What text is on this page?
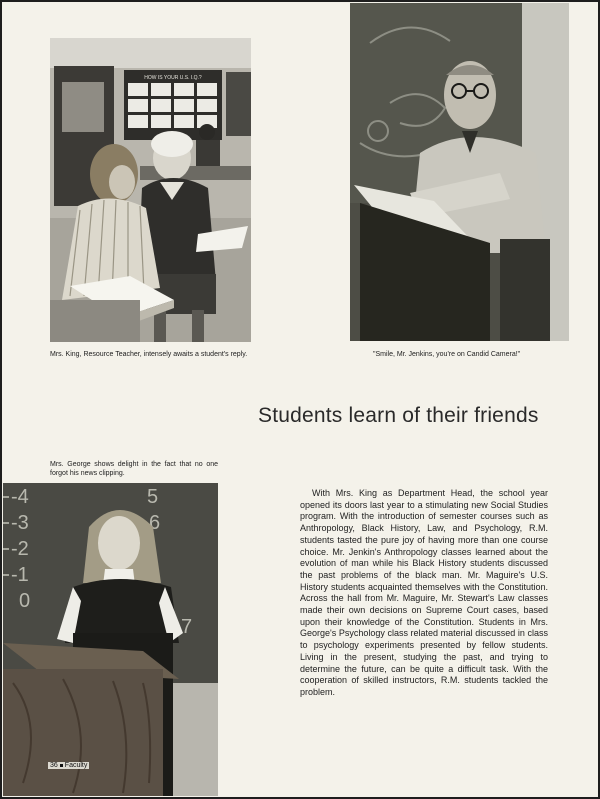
HOW IS YOUR U.S. I.Q.?
Mrs. King, Resource Teacher, intensely awaits a student's reply.	"Smile, Mr. Jenkins, you're on Candid Camera!"
Students learn of their friends
Mrs. George shows delight in the fact that no one forgot his news clipping.
-4
-3
-2
-1
0
5
6
7
36 Faculty

With Mrs. King as Department Head, the school year opened its doors last year to a stimulating new Social Studies program. With the introduction of semester courses such as Anthropology, Black History, Law, and Psychology, R.M. students tasted the pure joy of having more than one course choice. Mr. Jenkin's Anthropology classes learned about the evolution of man while his Black History students discussed the past problems of the black man. Mr. Maguire's U.S. History students acquainted themselves with the Constitution. Across the hall from Mr. Maguire, Mr. Stewart's Law classes made their own decisions on Supreme Court cases, based upon their knowledge of the Constitution. Students in Mrs. George's Psychology class related material discussed in class to psychology experiments presented by fellow students. Living in the present, studying the past, and trying to determine the future, can be quite a difficult task. With the cooperation of skilled instructors, R.M. students tackled the problem.
